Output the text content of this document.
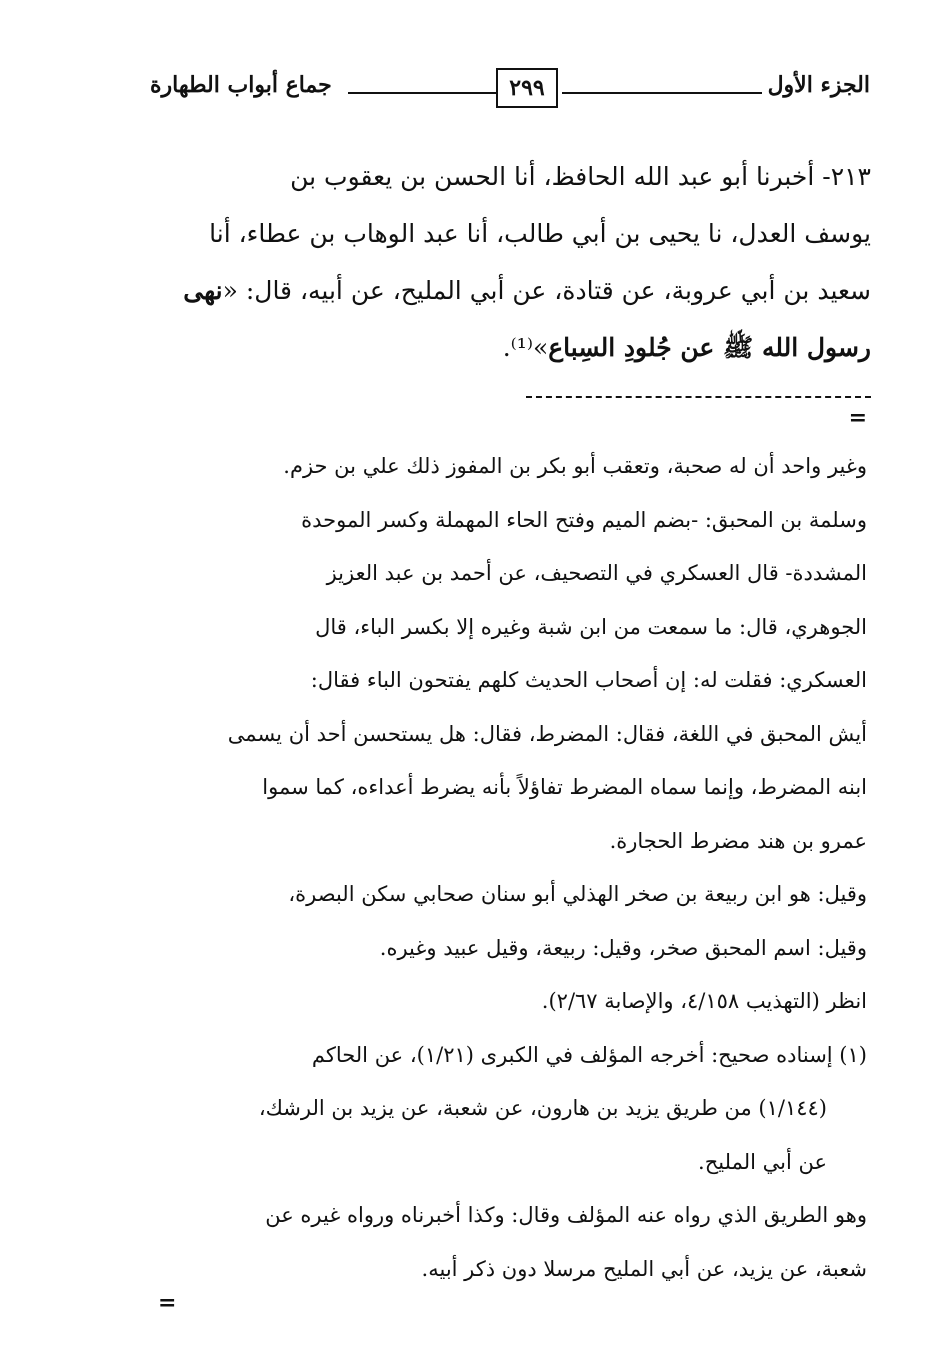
الجزء الأول
٢٩٩
جماع أبواب الطهارة

٢١٣- أخبرنا أبو عبد الله الحافظ، أنا الحسن بن يعقوب بن

يوسف العدل، نا يحيى بن أبي طالب، أنا عبد الوهاب بن عطاء، أنا

سعيد بن أبي عروبة، عن قتادة، عن أبي المليح، عن أبيه، قال: «نهى

رسول الله ﷺ عن جُلودِ السِباع»⁽¹⁾.

=

وغير واحد أن له صحبة، وتعقب أبو بكر بن المفوز ذلك علي بن حزم.

وسلمة بن المحبق: -بضم الميم وفتح الحاء المهملة وكسر الموحدة

المشددة- قال العسكري في التصحيف، عن أحمد بن عبد العزيز

الجوهري، قال: ما سمعت من ابن شبة وغيره إلا بكسر الباء، قال

العسكري: فقلت له: إن أصحاب الحديث كلهم يفتحون الباء فقال:

أيش المحبق في اللغة، فقال: المضرط، فقال: هل يستحسن أحد أن يسمى

ابنه المضرط، وإنما سماه المضرط تفاؤلاً بأنه يضرط أعداءه، كما سموا

عمرو بن هند مضرط الحجارة.

وقيل: هو ابن ربيعة بن صخر الهذلي أبو سنان صحابي سكن البصرة،

وقيل: اسم المحبق صخر، وقيل: ربيعة، وقيل عبيد وغيره.

انظر (التهذيب ٤/١٥٨، والإصابة ٢/٦٧).

(١) إسناده صحيح: أخرجه المؤلف في الكبرى (١/٢١)، عن الحاكم

(١/١٤٤) من طريق يزيد بن هارون، عن شعبة، عن يزيد بن الرشك،

عن أبي المليح.

وهو الطريق الذي رواه عنه المؤلف وقال: وكذا أخبرناه ورواه غيره عن

شعبة، عن يزيد، عن أبي المليح مرسلا دون ذكر أبيه.

=
